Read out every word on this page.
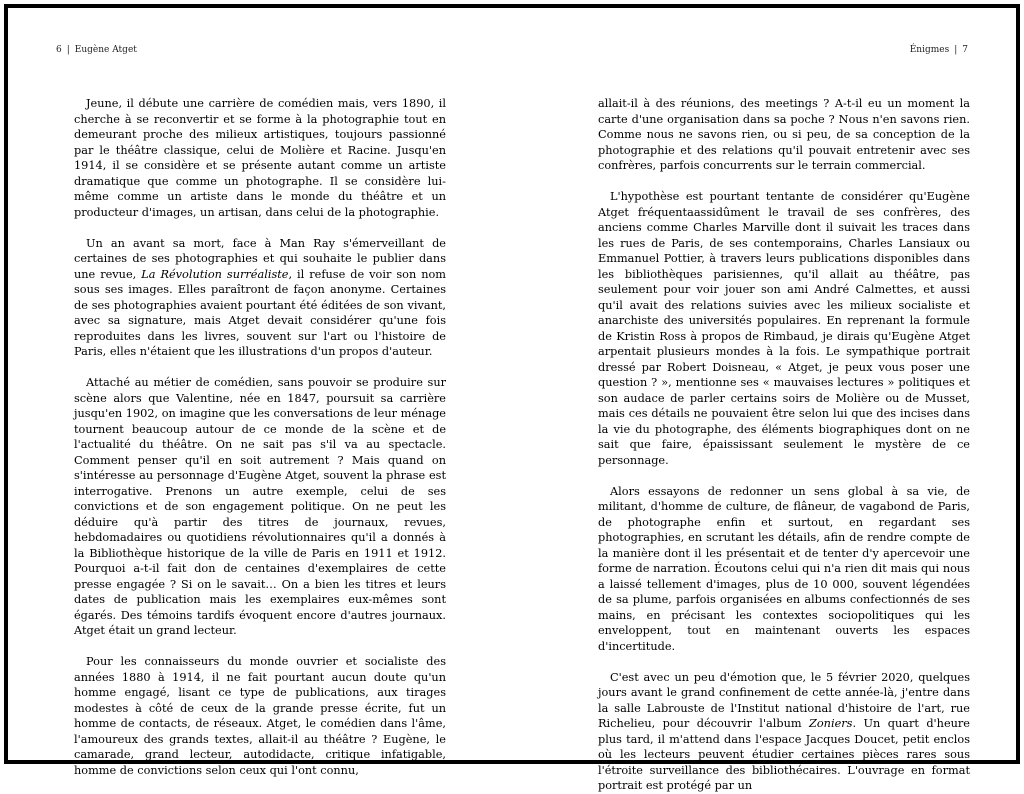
6 | Eugène Atget

Jeune, il débute une carrière de comédien mais, vers 1890, il cherche à se reconvertir et se forme à la photographie tout en demeurant proche des milieux artistiques, toujours passionné par le théâtre classique, celui de Molière et Racine. Jusqu'en 1914, il se considère et se présente autant comme un artiste dramatique que comme un photographe. Il se considère lui-même comme un artiste dans le monde du théâtre et un producteur d'images, un artisan, dans celui de la photographie.

Un an avant sa mort, face à Man Ray s'émerveillant de certaines de ses photographies et qui souhaite le publier dans une revue, La Révolution surréaliste, il refuse de voir son nom sous ses images. Elles paraîtront de façon anonyme. Certaines de ses photographies avaient pourtant été éditées de son vivant, avec sa signature, mais Atget devait considérer qu'une fois reproduites dans les livres, souvent sur l'art ou l'histoire de Paris, elles n'étaient que les illustrations d'un propos d'auteur.

Attaché au métier de comédien, sans pouvoir se produire sur scène alors que Valentine, née en 1847, poursuit sa carrière jusqu'en 1902, on imagine que les conversations de leur ménage tournent beaucoup autour de ce monde de la scène et de l'actualité du théâtre. On ne sait pas s'il va au spectacle. Comment penser qu'il en soit autrement ? Mais quand on s'intéresse au personnage d'Eugène Atget, souvent la phrase est interrogative. Prenons un autre exemple, celui de ses convictions et de son engagement politique. On ne peut les déduire qu'à partir des titres de journaux, revues, hebdomadaires ou quotidiens révolutionnaires qu'il a donnés à la Bibliothèque historique de la ville de Paris en 1911 et 1912. Pourquoi a-t-il fait don de centaines d'exemplaires de cette presse engagée ? Si on le savait… On a bien les titres et leurs dates de publication mais les exemplaires eux-mêmes sont égarés. Des témoins tardifs évoquent encore d'autres journaux. Atget était un grand lecteur.

Pour les connaisseurs du monde ouvrier et socialiste des années 1880 à 1914, il ne fait pourtant aucun doute qu'un homme engagé, lisant ce type de publications, aux tirages modestes à côté de ceux de la grande presse écrite, fut un homme de contacts, de réseaux. Atget, le comédien dans l'âme, l'amoureux des grands textes, allait-il au théâtre ? Eugène, le camarade, grand lecteur, autodidacte, critique infatigable, homme de convictions selon ceux qui l'ont connu,

Énigmes | 7

allait-il à des réunions, des meetings ? A-t-il eu un moment la carte d'une organisation dans sa poche ? Nous n'en savons rien. Comme nous ne savons rien, ou si peu, de sa conception de la photographie et des relations qu'il pouvait entretenir avec ses confrères, parfois concurrents sur le terrain commercial.

L'hypothèse est pourtant tentante de considérer qu'Eugène Atget fréquentaassidûment le travail de ses confrères, des anciens comme Charles Marville dont il suivait les traces dans les rues de Paris, de ses contemporains, Charles Lansiaux ou Emmanuel Pottier, à travers leurs publications disponibles dans les bibliothèques parisiennes, qu'il allait au théâtre, pas seulement pour voir jouer son ami André Calmettes, et aussi qu'il avait des relations suivies avec les milieux socialiste et anarchiste des universités populaires. En reprenant la formule de Kristin Ross à propos de Rimbaud, je dirais qu'Eugène Atget arpentait plusieurs mondes à la fois. Le sympathique portrait dressé par Robert Doisneau, « Atget, je peux vous poser une question ? », mentionne ses « mauvaises lectures » politiques et son audace de parler certains soirs de Molière ou de Musset, mais ces détails ne pouvaient être selon lui que des incises dans la vie du photographe, des éléments biographiques dont on ne sait que faire, épaississant seulement le mystère de ce personnage.

Alors essayons de redonner un sens global à sa vie, de militant, d'homme de culture, de flâneur, de vagabond de Paris, de photographe enfin et surtout, en regardant ses photographies, en scrutant les détails, afin de rendre compte de la manière dont il les présentait et de tenter d'y apercevoir une forme de narration. Écoutons celui qui n'a rien dit mais qui nous a laissé tellement d'images, plus de 10 000, souvent légendées de sa plume, parfois organisées en albums confectionnés de ses mains, en précisant les contextes sociopolitiques qui les enveloppent, tout en maintenant ouverts les espaces d'incertitude.

C'est avec un peu d'émotion que, le 5 février 2020, quelques jours avant le grand confinement de cette année-là, j'entre dans la salle Labrouste de l'Institut national d'histoire de l'art, rue Richelieu, pour découvrir l'album Zoniers. Un quart d'heure plus tard, il m'attend dans l'espace Jacques Doucet, petit enclos où les lecteurs peuvent étudier certaines pièces rares sous l'étroite surveillance des bibliothécaires. L'ouvrage en format portrait est protégé par un
